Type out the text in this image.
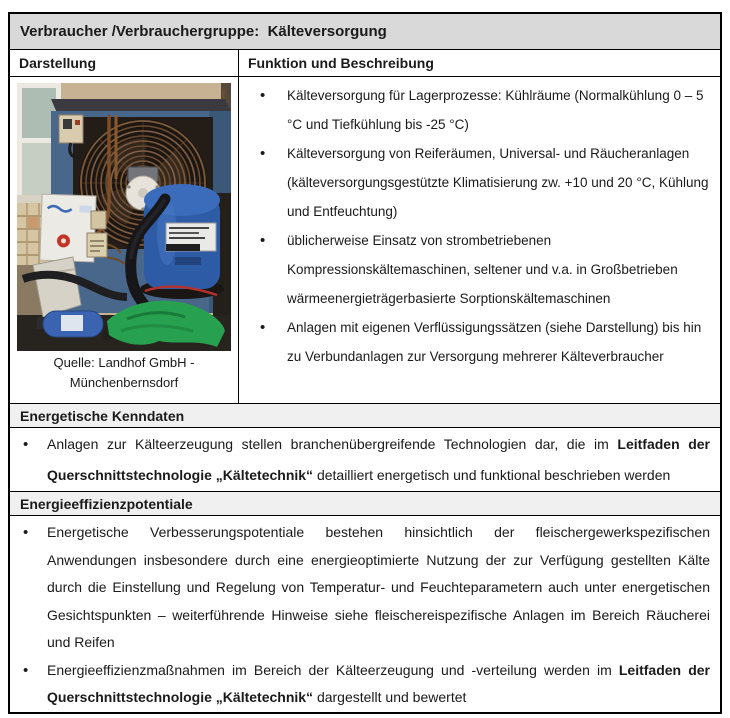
Verbraucher /Verbrauchergruppe:  Kälteversorgung
Darstellung	Funktion und Beschreibung
Quelle: Landhof GmbH - Münchenbernsdorf
• Kälteversorgung für Lagerprozesse: Kühlräume (Normalkühlung 0 – 5 °C und Tiefkühlung bis -25 °C)
• Kälteversorgung von Reiferäumen, Universal- und Räucheranlagen (kälteversorgungsgestützte Klimatisierung zw. +10 und 20 °C, Kühlung und Entfeuchtung)
• üblicherweise Einsatz von strombetriebenen Kompressionskältemaschinen, seltener und v.a. in Großbetrieben wärmeenergieträgerbasierte Sorptionskältemaschinen
• Anlagen mit eigenen Verflüssigungssätzen (siehe Darstellung) bis hin zu Verbundanlagen zur Versorgung mehrerer Kälteverbraucher
Energetische Kenndaten
• Anlagen zur Kälteerzeugung stellen branchenübergreifende Technologien dar, die im Leitfaden der Querschnittstechnologie „Kältetechnik“ detailliert energetisch und funktional beschrieben werden
Energieeffizienzpotentiale
• Energetische Verbesserungspotentiale bestehen hinsichtlich der fleischergewerkspezifischen Anwendungen insbesondere durch eine energieoptimierte Nutzung der zur Verfügung gestellten Kälte durch die Einstellung und Regelung von Temperatur- und Feuchteparametern auch unter energetischen Gesichtspunkten – weiterführende Hinweise siehe fleischereispezifische Anlagen im Bereich Räucherei und Reifen
• Energieeffizienzmaßnahmen im Bereich der Kälteerzeugung und -verteilung werden im Leitfaden der Querschnittstechnologie „Kältetechnik“ dargestellt und bewertet
